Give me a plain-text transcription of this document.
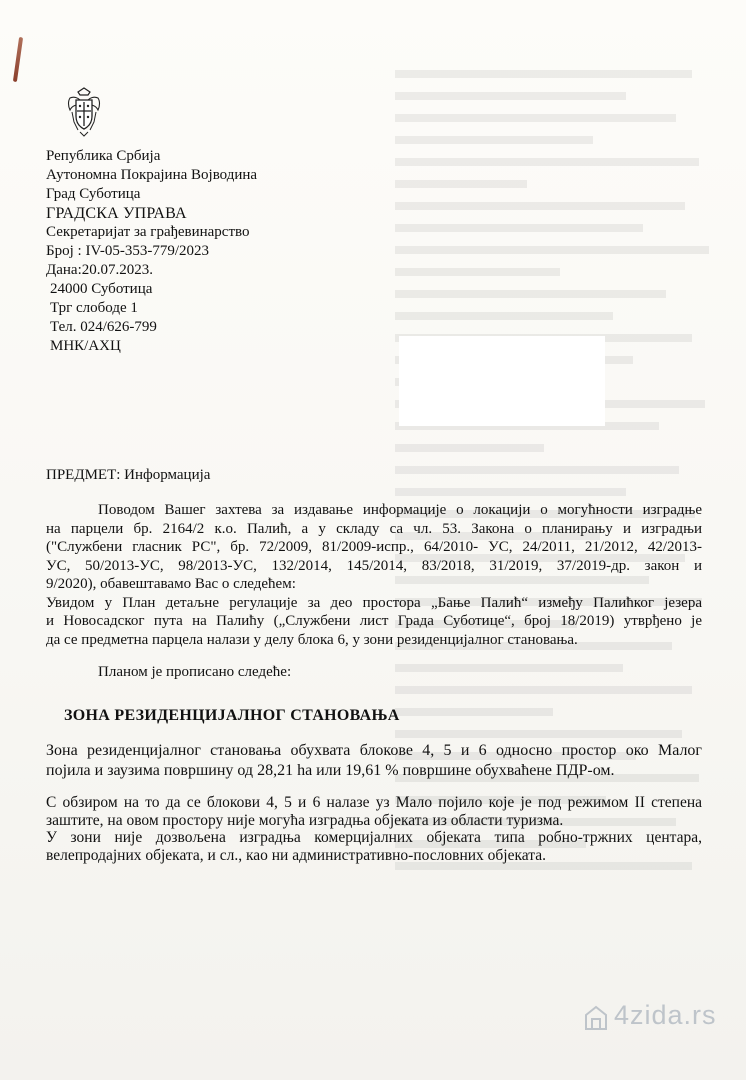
Република Србија
Аутономна Покрајина Војводина
Град Суботица
ГРАДСКА УПРАВА
Секретаријат за грађевинарство
Број : IV-05-353-779/2023
Дана:20.07.2023.
24000 Суботица
Трг слободе 1
Тел. 024/626-799
МНК/АХЦ
ПРЕДМЕТ: Информација
Поводом Вашег захтева за издавање информације о локацији о могућности изградње
на парцели бр. 2164/2 к.о. Палић, а у складу са чл. 53. Закона о планирању и изградњи
("Службени гласник РС", бр. 72/2009, 81/2009-испр., 64/2010- УС, 24/2011, 21/2012, 42/2013-
УС, 50/2013-УС, 98/2013-УС, 132/2014, 145/2014, 83/2018, 31/2019, 37/2019-др. закон и
9/2020), обавештавамо Вас о следећем:
Увидом у План детаљне регулације за део простора „Бање Палић“ између Палићког језера
и Новосадског пута на Палићу („Службени лист Града Суботице“, број 18/2019) утврђено је
да се предметна парцела налази у делу блока 6, у зони резиденцијалног становања.
Планом је прописано следеће:
ЗОНА РЕЗИДЕНЦИЈАЛНОГ СТАНОВАЊА
Зона резиденцијалног становања обухвата блокове 4, 5 и 6 односно простор око Малог
појила и заузима површину од 28,21 ha или 19,61 % површине обухваћене ПДР-ом.
С обзиром на то да се блокови 4, 5 и 6 налазе уз Мало појило које је под режимом II степена
заштите, на овом простору није могућа изградња објеката из области туризма.
У зони није дозвољена изградња комерцијалних објеката типа робно-тржних центара,
велепродајних објеката, и сл., као ни административно-пословних објеката.
4zida.rs
